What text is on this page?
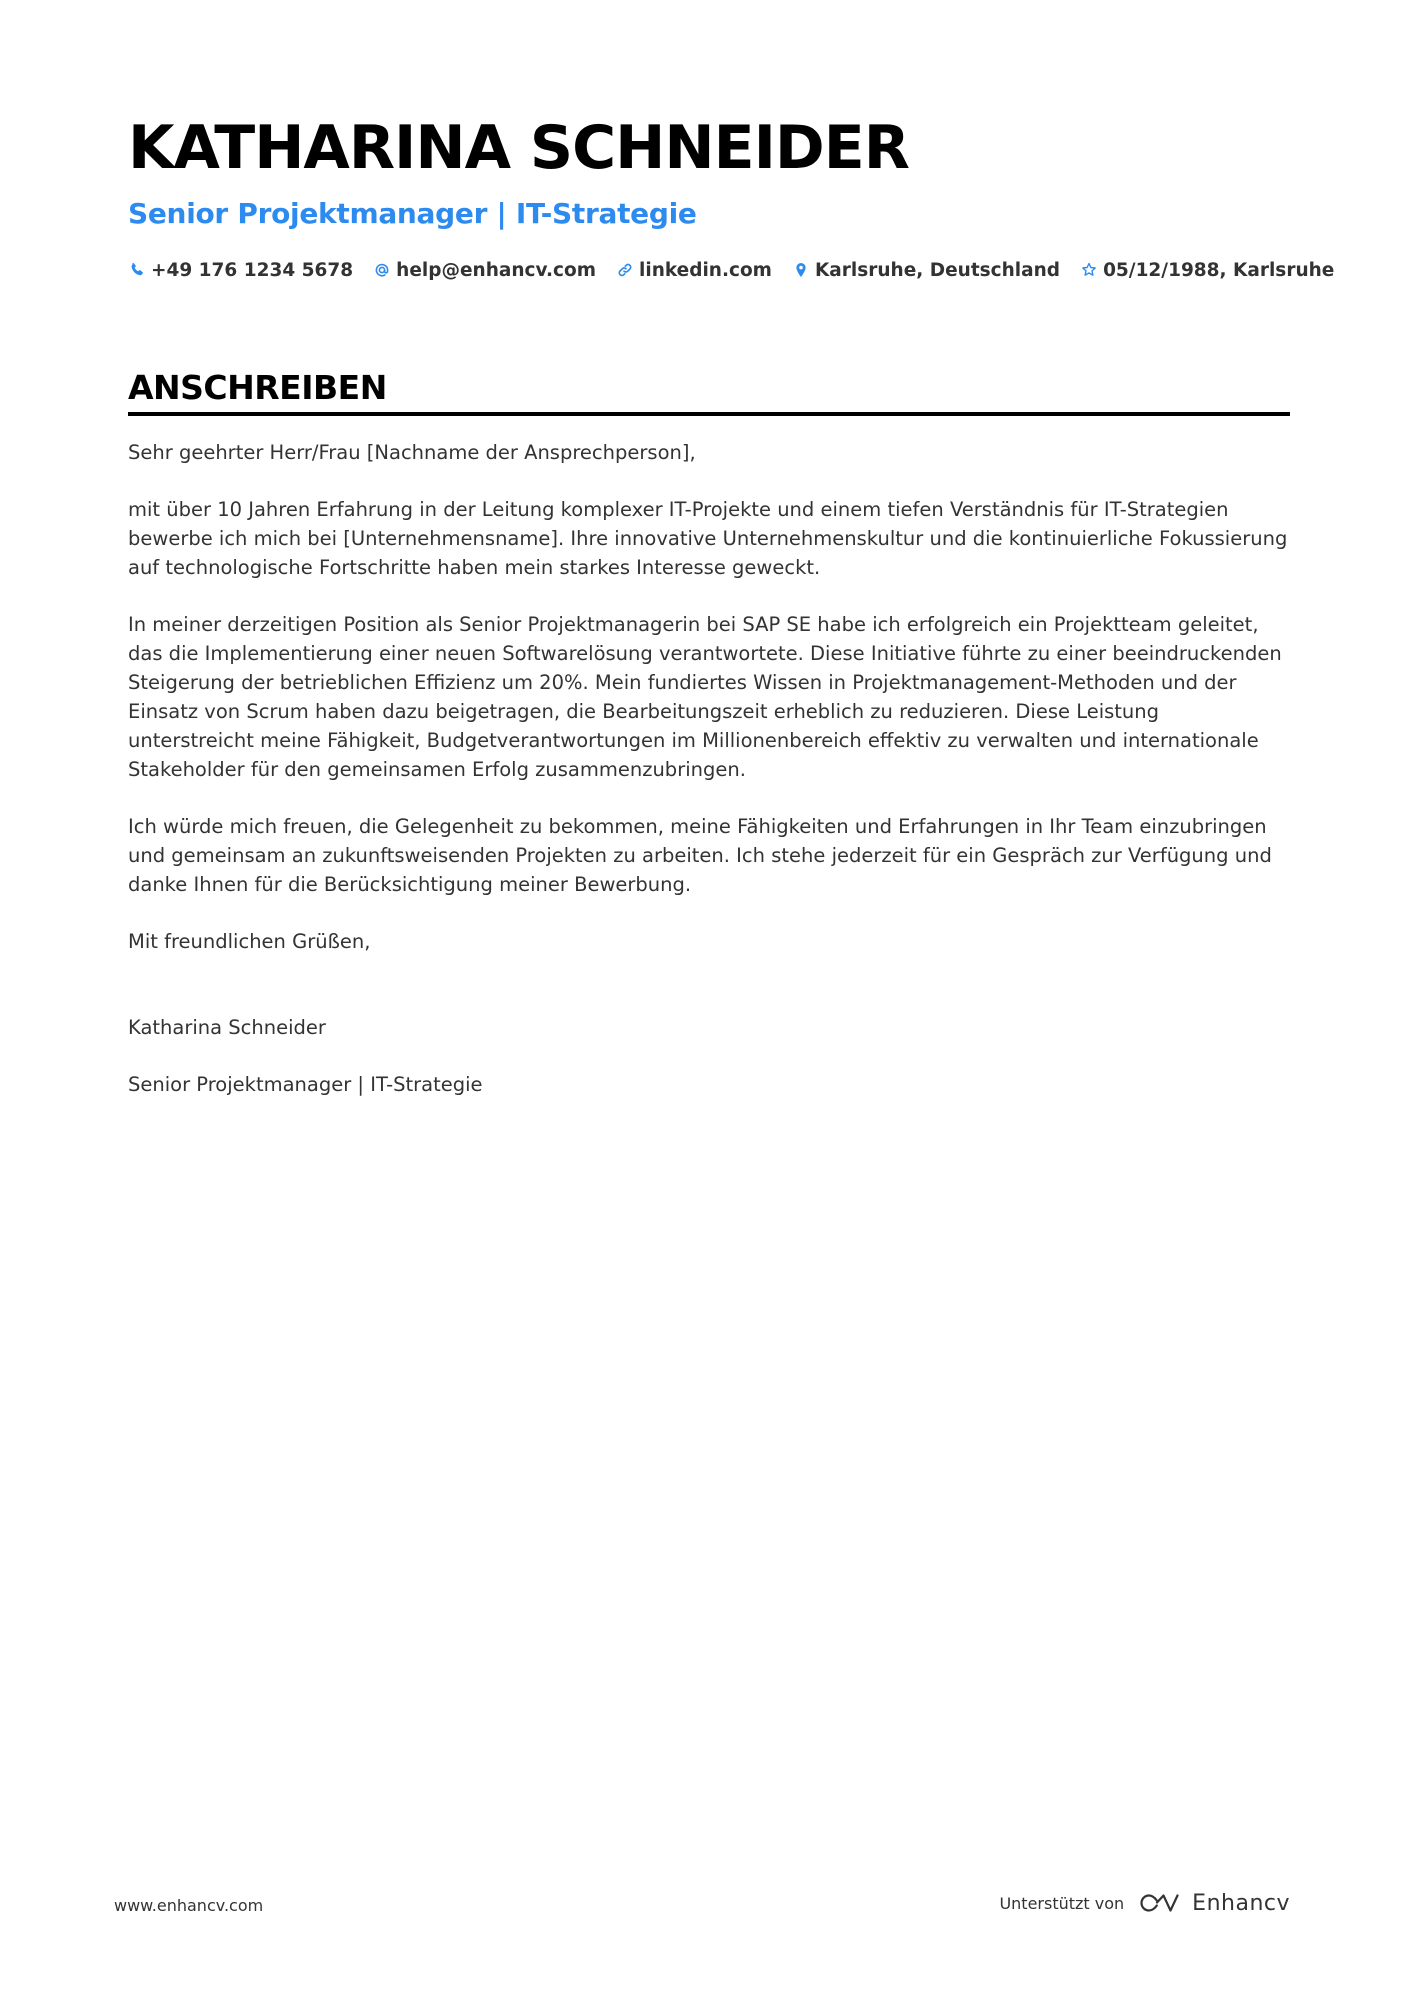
KATHARINA SCHNEIDER
Senior Projektmanager | IT-Strategie
+49 176 1234 5678 help@enhancv.com linkedin.com Karlsruhe, Deutschland 05/12/1988, Karlsruhe
ANSCHREIBEN

Sehr geehrter Herr/Frau [Nachname der Ansprechperson],

mit über 10 Jahren Erfahrung in der Leitung komplexer IT-Projekte und einem tiefen Verständnis für IT-Strategien bewerbe ich mich bei [Unternehmensname]. Ihre innovative Unternehmenskultur und die kontinuierliche Fokussierung auf technologische Fortschritte haben mein starkes Interesse geweckt.

In meiner derzeitigen Position als Senior Projektmanagerin bei SAP SE habe ich erfolgreich ein Projektteam geleitet, das die Implementierung einer neuen Softwarelösung verantwortete. Diese Initiative führte zu einer beeindruckenden Steigerung der betrieblichen Effizienz um 20%. Mein fundiertes Wissen in Projektmanagement-Methoden und der Einsatz von Scrum haben dazu beigetragen, die Bearbeitungszeit erheblich zu reduzieren. Diese Leistung unterstreicht meine Fähigkeit, Budgetverantwortungen im Millionenbereich effektiv zu verwalten und internationale Stakeholder für den gemeinsamen Erfolg zusammenzubringen.

Ich würde mich freuen, die Gelegenheit zu bekommen, meine Fähigkeiten und Erfahrungen in Ihr Team einzubringen und gemeinsam an zukunftsweisenden Projekten zu arbeiten. Ich stehe jederzeit für ein Gespräch zur Verfügung und danke Ihnen für die Berücksichtigung meiner Bewerbung.

Mit freundlichen Grüßen,

Katharina Schneider

Senior Projektmanager | IT-Strategie

www.enhancv.com	Unterstützt von	Enhancv
